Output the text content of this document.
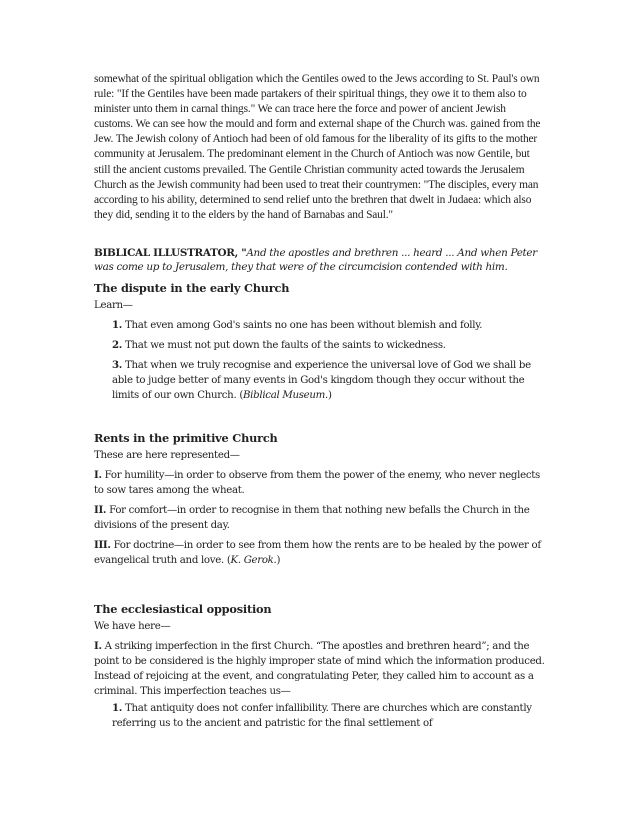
somewhat of the spiritual obligation which the Gentiles owed to the Jews according to St. Paul's own rule: "If the Gentiles have been made partakers of their spiritual things, they owe it to them also to minister unto them in carnal things." We can trace here the force and power of ancient Jewish customs. We can see how the mould and form and external shape of the Church was. gained from the Jew. The Jewish colony of Antioch had been of old famous for the liberality of its gifts to the mother community at Jerusalem. The predominant element in the Church of Antioch was now Gentile, but still the ancient customs prevailed. The Gentile Christian community acted towards the Jerusalem Church as the Jewish community had been used to treat their countrymen: "The disciples, every man according to his ability, determined to send relief unto the brethren that dwelt in Judaea: which also they did, sending it to the elders by the hand of Barnabas and Saul."

BIBLICAL ILLUSTRATOR, "And the apostles and brethren ... heard ... And when Peter was come up to Jerusalem, they that were of the circumcision contended with him.

The dispute in the early Church

Learn—

1. That even among God's saints no one has been without blemish and folly.

2. That we must not put down the faults of the saints to wickedness.

3. That when we truly recognise and experience the universal love of God we shall be able to judge better of many events in God's kingdom though they occur without the limits of our own Church. (Biblical Museum.)

Rents in the primitive Church

These are here represented—

I. For humility—in order to observe from them the power of the enemy, who never neglects to sow tares among the wheat.

II. For comfort—in order to recognise in them that nothing new befalls the Church in the divisions of the present day.

III. For doctrine—in order to see from them how the rents are to be healed by the power of evangelical truth and love. (K. Gerok.)

The ecclesiastical opposition

We have here—

I. A striking imperfection in the first Church. “The apostles and brethren heard”; and the point to be considered is the highly improper state of mind which the information produced. Instead of rejoicing at the event, and congratulating Peter, they called him to account as a criminal. This imperfection teaches us—

1. That antiquity does not confer infallibility. There are churches which are constantly referring us to the ancient and patristic for the final settlement of
